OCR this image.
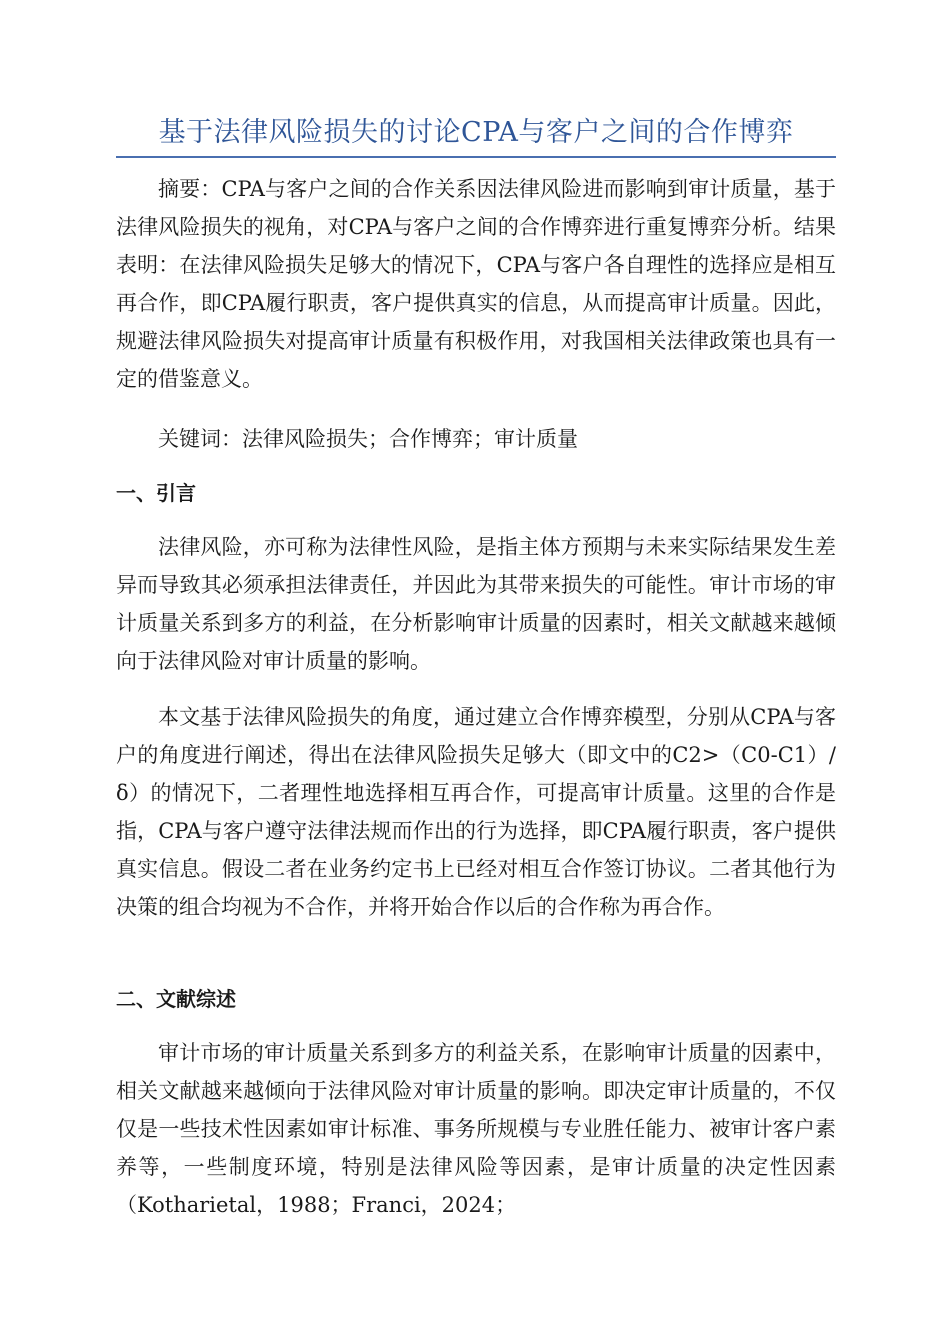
基于法律风险损失的讨论CPA与客户之间的合作博弈

摘要：CPA与客户之间的合作关系因法律风险进而影响到审计质量，基于法律风险损失的视角，对CPA与客户之间的合作博弈进行重复博弈分析。结果表明：在法律风险损失足够大的情况下，CPA与客户各自理性的选择应是相互再合作，即CPA履行职责，客户提供真实的信息，从而提高审计质量。因此，规避法律风险损失对提高审计质量有积极作用，对我国相关法律政策也具有一定的借鉴意义。

关键词：法律风险损失；合作博弈；审计质量

一、引言

法律风险，亦可称为法律性风险，是指主体方预期与未来实际结果发生差异而导致其必须承担法律责任，并因此为其带来损失的可能性。审计市场的审计质量关系到多方的利益，在分析影响审计质量的因素时，相关文献越来越倾向于法律风险对审计质量的影响。

本文基于法律风险损失的角度，通过建立合作博弈模型，分别从CPA与客户的角度进行阐述，得出在法律风险损失足够大（即文中的C2>（C0-C1）/δ）的情况下，二者理性地选择相互再合作，可提高审计质量。这里的合作是指，CPA与客户遵守法律法规而作出的行为选择，即CPA履行职责，客户提供真实信息。假设二者在业务约定书上已经对相互合作签订协议。二者其他行为决策的组合均视为不合作，并将开始合作以后的合作称为再合作。

二、文献综述

审计市场的审计质量关系到多方的利益关系，在影响审计质量的因素中，相关文献越来越倾向于法律风险对审计质量的影响。即决定审计质量的，不仅仅是一些技术性因素如审计标准、事务所规模与专业胜任能力、被审计客户素养等，一些制度环境，特别是法律风险等因素，是审计质量的决定性因素（Kotharietal，1988；Franci，2024；
